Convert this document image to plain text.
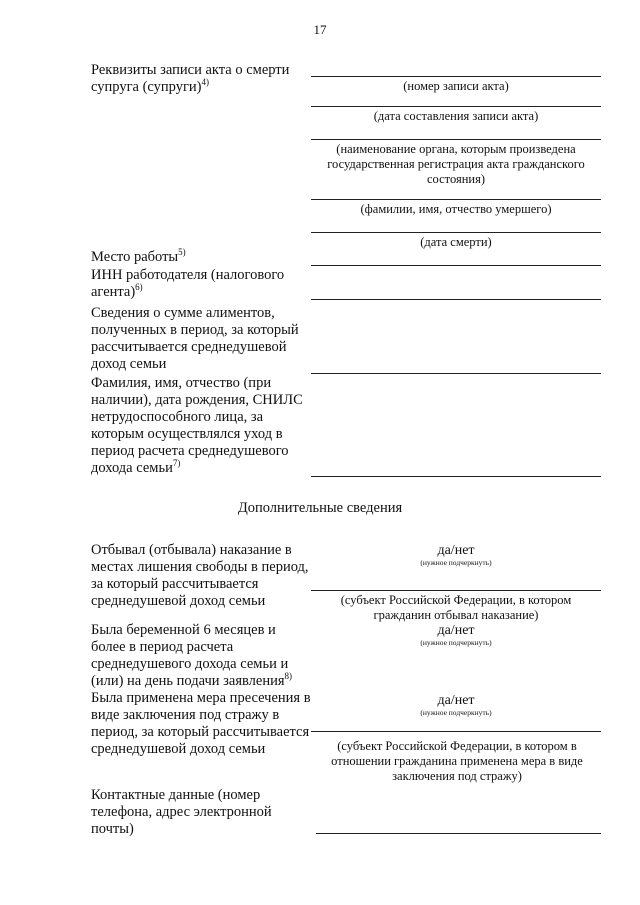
17
Реквизиты записи акта о смерти супруга (супруги)$^{4)}$	(номер записи акта)
(дата составления записи акта)
(наименование органа, которым произведена государственная регистрация акта гражданского состояния)
(фамилии, имя, отчество умершего)
(дата смерти)
Место работы$^{5)}$
ИНН работодателя (налогового агента)$^{6)}$
Сведения о сумме алиментов, полученных в период, за который рассчитывается среднедушевой доход семьи
Фамилия, имя, отчество (при наличии), дата рождения, СНИЛС нетрудоспособного лица, за которым осуществлялся уход в период расчета среднедушевого дохода семьи$^{7)}$
Дополнительные сведения
Отбывал (отбывала) наказание в местах лишения свободы в период, за который рассчитывается среднедушевой доход семьи
да/нет
(нужное подчеркнуть)
(субъект Российской Федерации, в котором гражданин отбывал наказание)
Была беременной 6 месяцев и более в период расчета среднедушевого дохода семьи и (или) на день подачи заявления$^{8)}$
да/нет
(нужное подчеркнуть)
Была применена мера пресечения в виде заключения под стражу в период, за который рассчитывается среднедушевой доход семьи
да/нет
(нужное подчеркнуть)
(субъект Российской Федерации, в котором в отношении гражданина применена мера в виде заключения под стражу)
Контактные данные (номер телефона, адрес электронной почты)
